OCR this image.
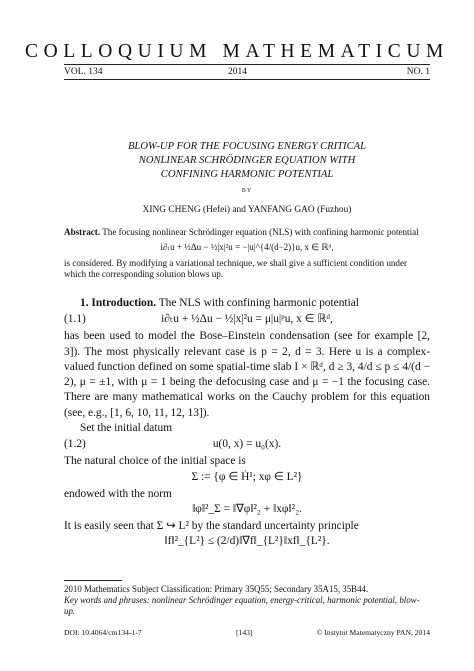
COLLOQUIUM MATHEMATICUM
VOL. 134	2014	NO. 1
BLOW-UP FOR THE FOCUSING ENERGY CRITICAL
NONLINEAR SCHRÖDINGER EQUATION WITH
CONFINING HARMONIC POTENTIAL
BY
XING CHENG (Hefei) and YANFANG GAO (Fuzhou)
Abstract. The focusing nonlinear Schrödinger equation (NLS) with confining harmonic potential
i∂ₜu + ½Δu − ½|x|²u = −|u|^{4/(d−2)}u, x ∈ ℝᵈ,
is considered. By modifying a variational technique, we shall give a sufficient condition under which the corresponding solution blows up.

1. Introduction. The NLS with confining harmonic potential

(1.1)	i∂ₜu + ½Δu − ½|x|²u = μ|u|ᵖu, x ∈ ℝᵈ,

has been used to model the Bose–Einstein condensation (see for example [2, 3]). The most physically relevant case is p = 2, d = 3. Here u is a complex-valued function defined on some spatial-time slab I × ℝᵈ, d ≥ 3, 4/d ≤ p ≤ 4/(d − 2), μ = ±1, with μ = 1 being the defocusing case and μ = −1 the focusing case. There are many mathematical works on the Cauchy problem for this equation (see, e.g., [1, 6, 10, 11, 12, 13]).

Set the initial datum

(1.2)	u(0, x) = u₀(x).

The natural choice of the initial space is

Σ := {φ ∈ Ḣ¹; xφ ∈ L²}

endowed with the norm

‖φ‖²_Σ = ‖∇φ‖²₂ + ‖xφ‖²₂.

It is easily seen that Σ ↪ L² by the standard uncertainty principle

‖f‖²_{L²} ≤ (2/d)‖∇f‖_{L²}‖xf‖_{L²}.
2010 Mathematics Subject Classification: Primary 35Q55; Secondary 35A15, 35B44.
Key words and phrases: nonlinear Schrödinger equation, energy-critical, harmonic potential, blow-up.
DOI: 10.4064/cm134-1-7	[143]	© Instytut Matematyczny PAN, 2014
